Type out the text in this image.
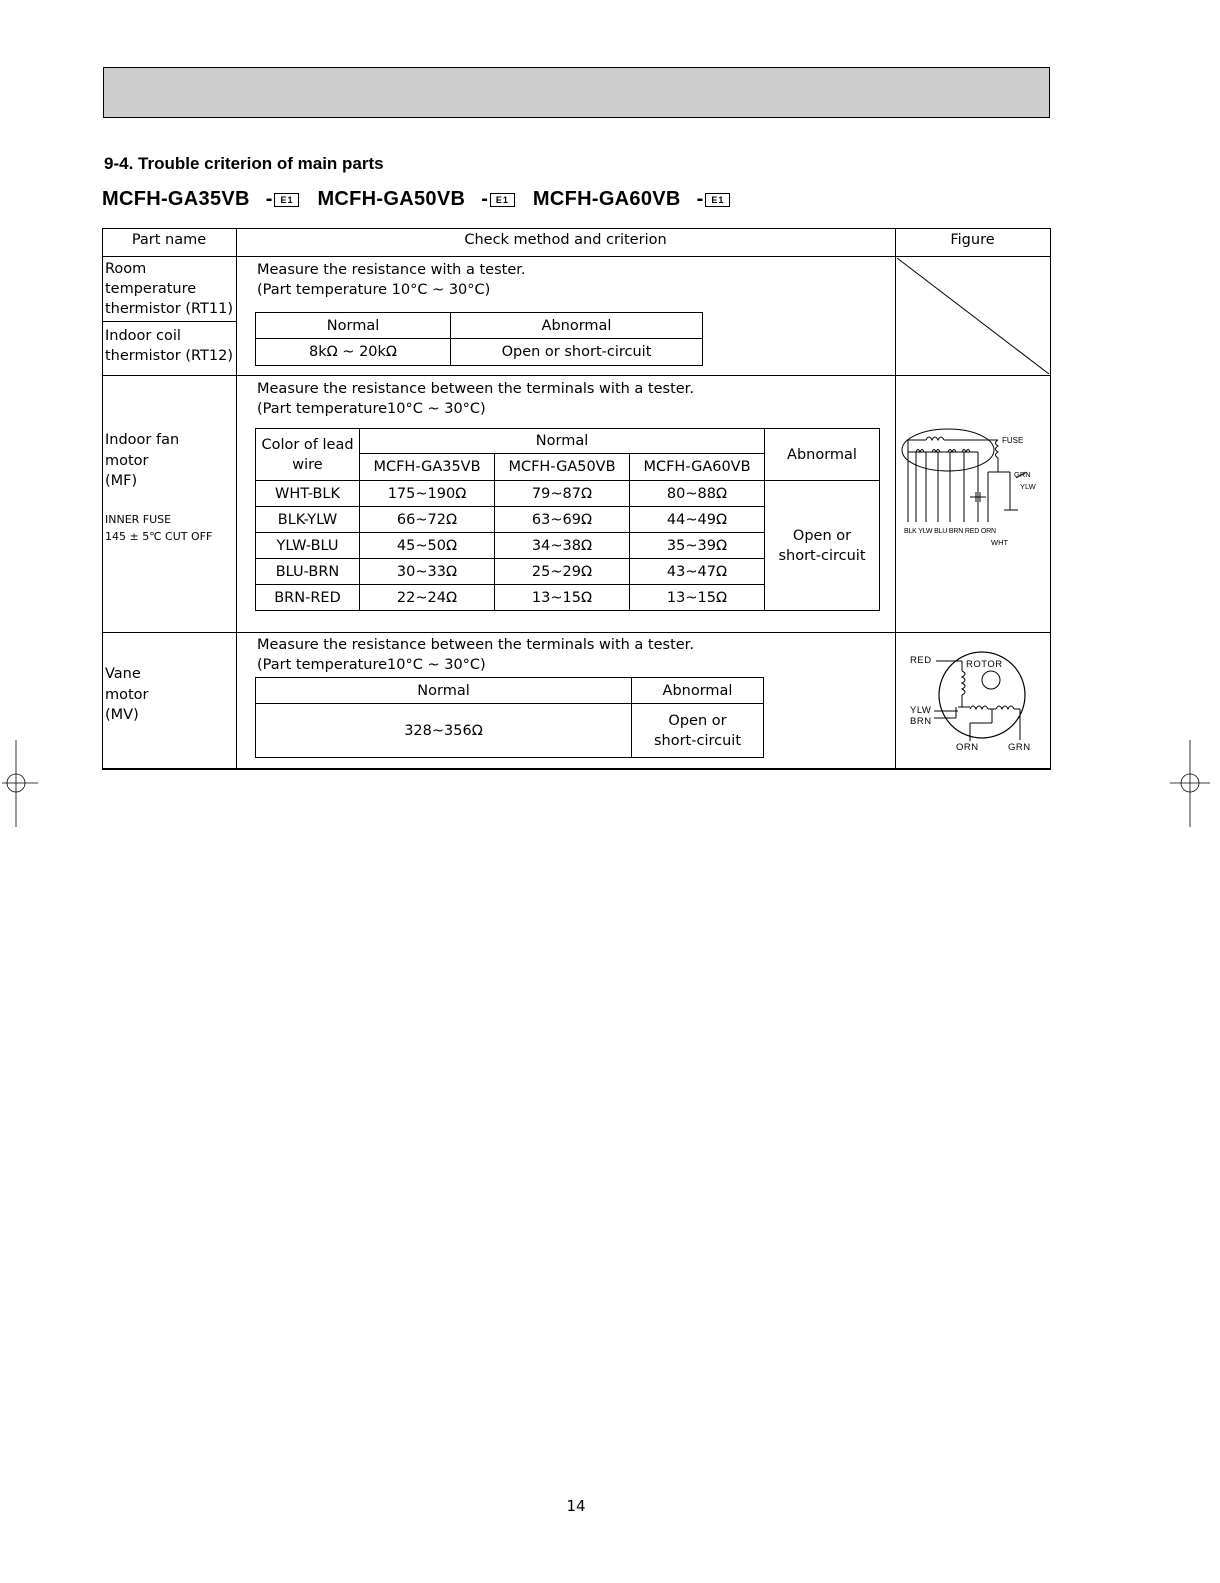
9-4. Trouble criterion of main parts
MCFH-GA35VB - E1	MCFH-GA50VB - E1	MCFH-GA60VB - E1
Part name	Check method and criterion	Figure
Room
temperature
thermistor (RT11)
Indoor coil
thermistor (RT12)
Measure the resistance with a tester.
(Part temperature 10°C ~ 30°C)
Normal	Abnormal
8kΩ ~ 20kΩ	Open or short-circuit
Indoor fan
motor
(MF)
INNER FUSE
145 ± 5℃ CUT OFF
Measure the resistance between the terminals with a tester.
(Part temperature10°C ~ 30°C)
Color of lead
wire	Normal			Abnormal
	MCFH-GA35VB	MCFH-GA50VB	MCFH-GA60VB	
WHT-BLK	175~190Ω	79~87Ω	80~88Ω	Open or
short-circuit

BLK-YLW	66~72Ω	63~69Ω	44~49Ω	
YLW-BLU	45~50Ω	34~38Ω	35~39Ω	
BLU-BRN	30~33Ω	25~29Ω	43~47Ω	
BRN-RED	22~24Ω	13~15Ω	13~15Ω	
FUSE
GRN
YLW
BLK YLW BLU BRN RED ORN
WHT
Vane
motor
(MV)
Measure the resistance between the terminals with a tester.
(Part temperature10°C ~ 30°C)
Normal	Abnormal
328~356Ω	Open or
short-circuit
RED	ROTOR
YLW
BRN
ORN	GRN
14
